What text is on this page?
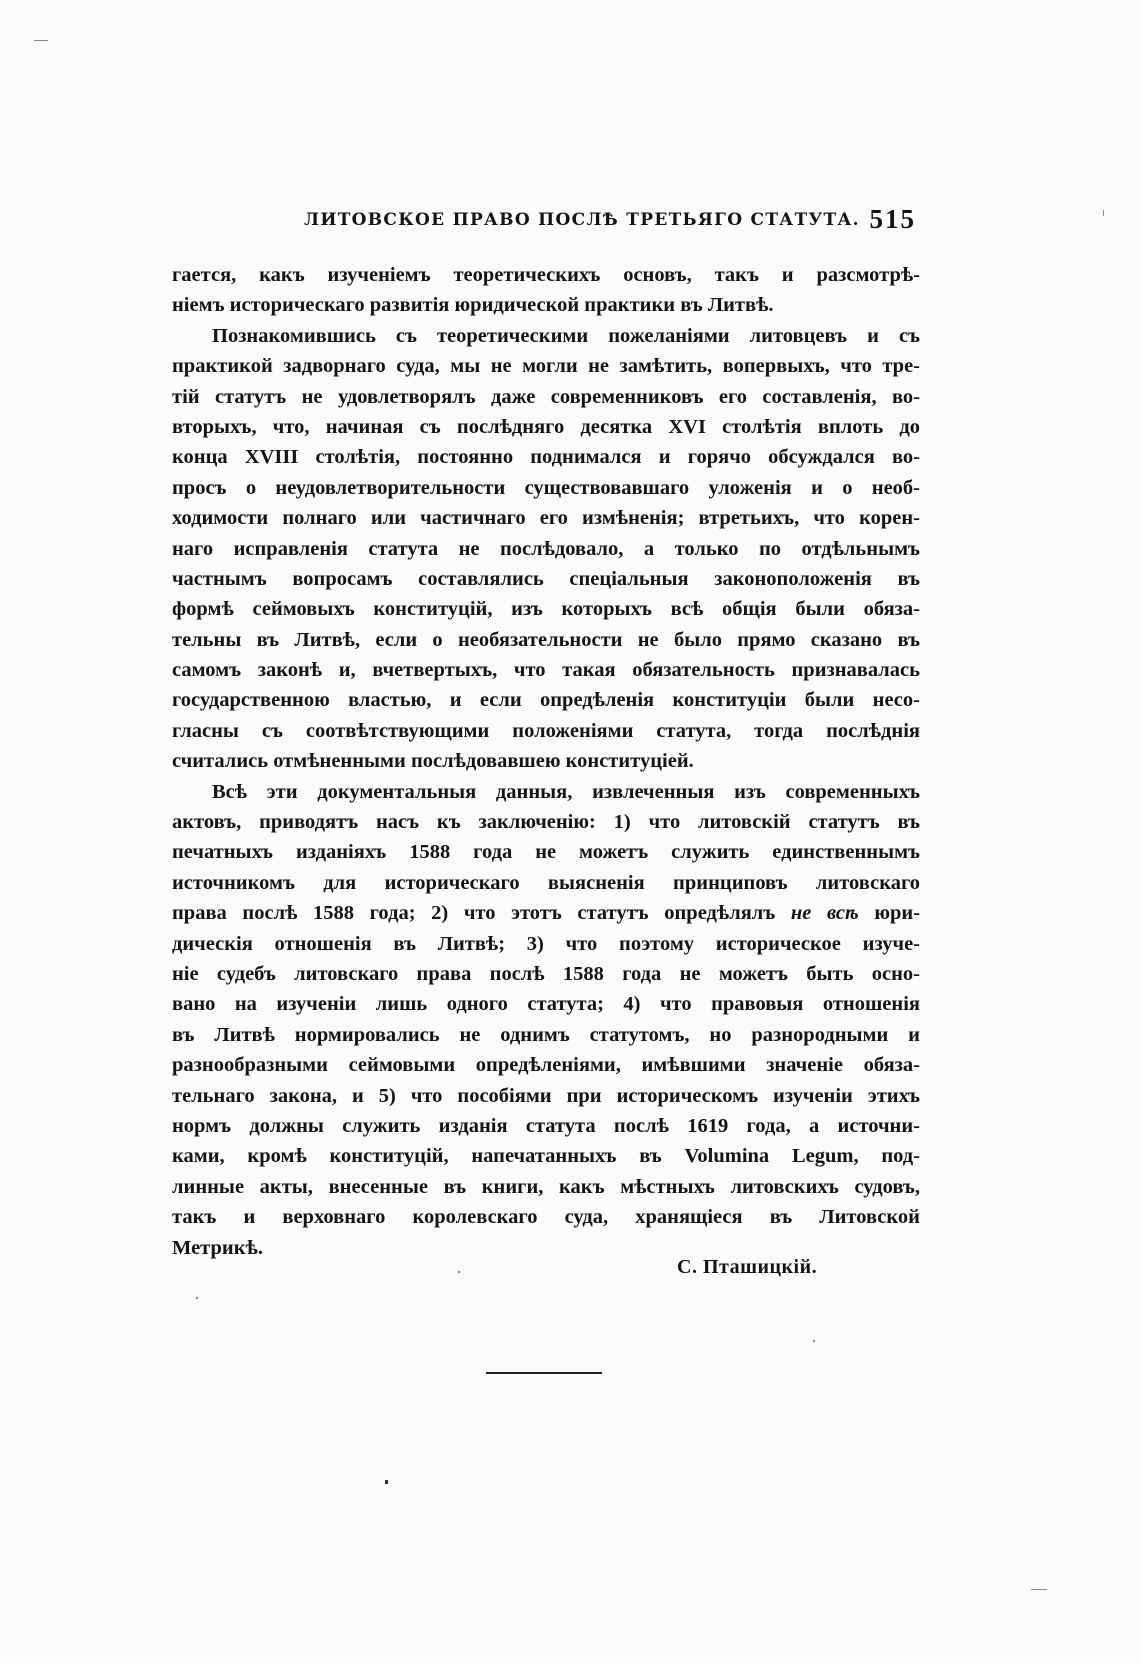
ЛИТОВСКОЕ ПРАВО ПОСЛѢ ТРЕТЬЯГО СТАТУТА. 515
гается, какъ изученіемъ теоретическихъ основъ, такъ и разсмотрѣ-
ніемъ историческаго развитія юридической практики въ Литвѣ.
Познакомившись съ теоретическими пожеланіями литовцевъ и съ
практикой задворнаго суда, мы не могли не замѣтить, вопервыхъ, что тре-
тій статутъ не удовлетворялъ даже современниковъ его составленія, во-
вторыхъ, что, начиная съ послѣдняго десятка XVI столѣтія вплоть до
конца XVIII столѣтія, постоянно поднимался и горячо обсуждался во-
просъ о неудовлетворительности существовавшаго уложенія и о необ-
ходимости полнаго или частичнаго его измѣненія; втретьихъ, что корен-
наго исправленія статута не послѣдовало, а только по отдѣльнымъ
частнымъ вопросамъ составлялись спеціальныя законоположенія въ
формѣ сеймовыхъ конституцій, изъ которыхъ всѣ общія были обяза-
тельны въ Литвѣ, если о необязательности не было прямо сказано въ
самомъ законѣ и, вчетвертыхъ, что такая обязательность признавалась
государственною властью, и если опредѣленія конституціи были несо-
гласны съ соотвѣтствующими положеніями статута, тогда послѣднія
считались отмѣненными послѣдовавшею конституціей.
Всѣ эти документальныя данныя, извлеченныя изъ современныхъ
актовъ, приводятъ насъ къ заключенію: 1) что литовскій статутъ въ
печатныхъ изданіяхъ 1588 года не можетъ служить единственнымъ
источникомъ для историческаго выясненія принциповъ литовскаго
права послѣ 1588 года; 2) что этотъ статутъ опредѣлялъ не всѣ юри-
дическія отношенія въ Литвѣ; 3) что поэтому историческое изуче-
ніе судебъ литовскаго права послѣ 1588 года не можетъ быть осно-
вано на изученіи лишь одного статута; 4) что правовыя отношенія
въ Литвѣ нормировались не однимъ статутомъ, но разнородными и
разнообразными сеймовыми опредѣленіями, имѣвшими значеніе обяза-
тельнаго закона, и 5) что пособіями при историческомъ изученіи этихъ
нормъ должны служить изданія статута послѣ 1619 года, а источни-
ками, кромѣ конституцій, напечатанныхъ въ Volumina Legum, под-
линные акты, внесенные въ книги, какъ мѣстныхъ литовскихъ судовъ,
такъ и верховнаго королевскаго суда, хранящіеся въ Литовской
Метрикѣ.
С. Пташицкій.
